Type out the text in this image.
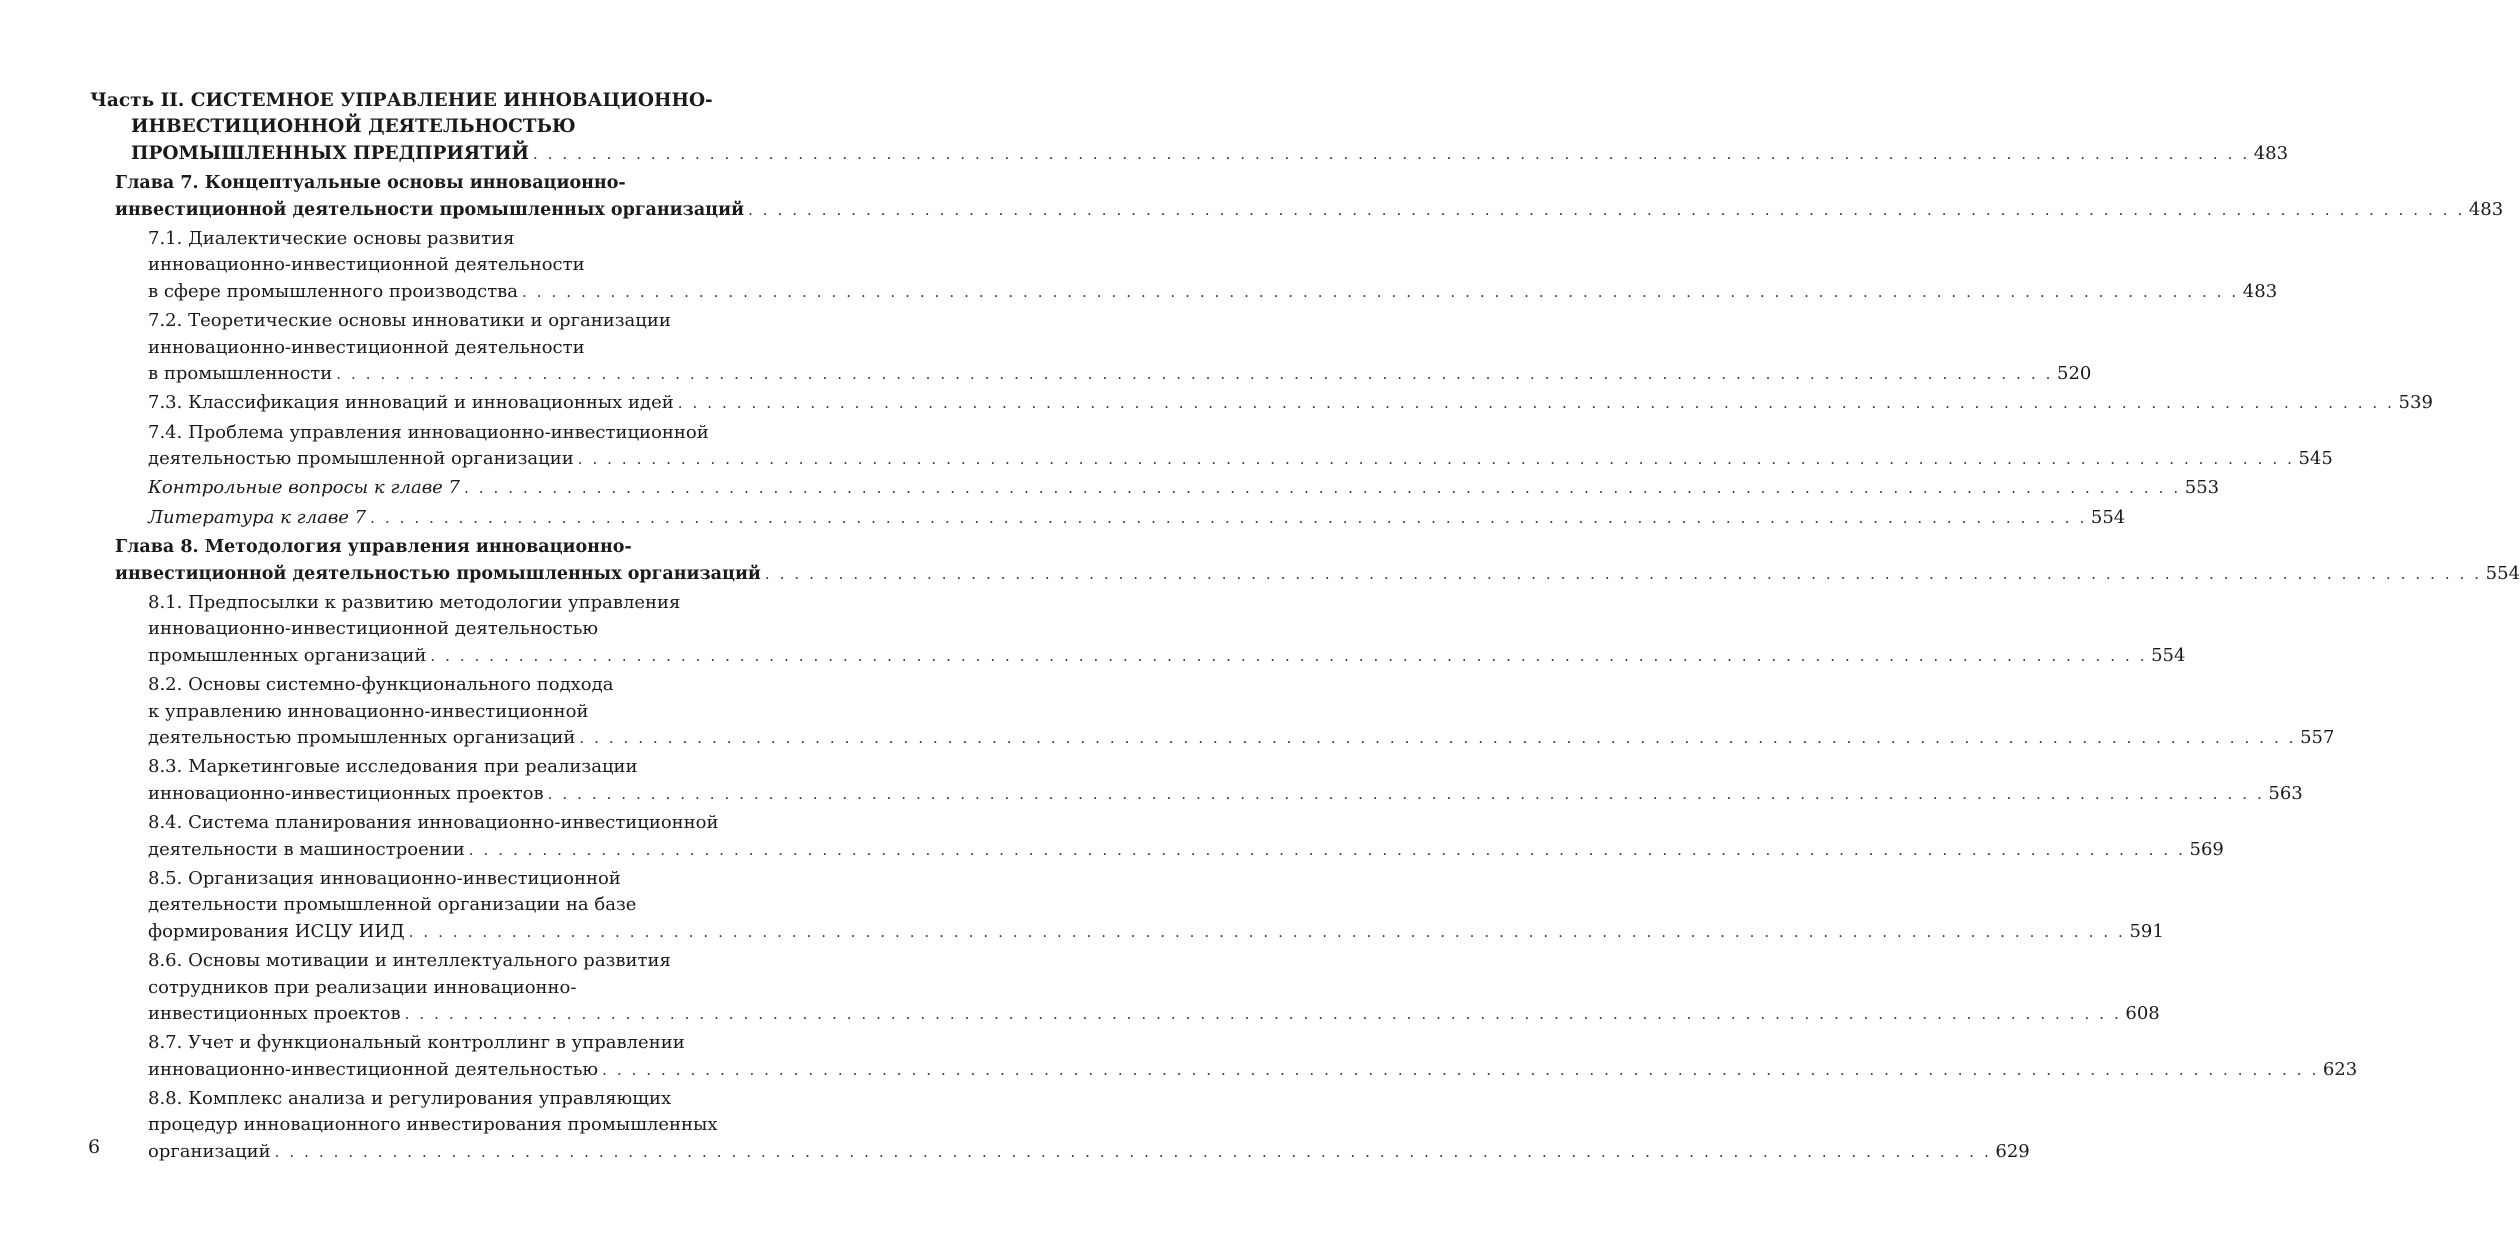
Часть II. СИСТЕМНОЕ УПРАВЛЕНИЕ ИННОВАЦИОННО-
ИНВЕСТИЦИОННОЙ ДЕЯТЕЛЬНОСТЬЮ
ПРОМЫШЛЕННЫХ ПРЕДПРИЯТИЙ . . .	483
Глава 7. Концептуальные основы инновационно-
инвестиционной деятельности промышленных организаций . . .	483
7.1. Диалектические основы развития
инновационно-инвестиционной деятельности
в сфере промышленного производства . . .	483
7.2. Теоретические основы инноватики и организации
инновационно-инвестиционной деятельности
в промышленности . . .	520
7.3. Классификация инноваций и инновационных идей . . .	539
7.4. Проблема управления инновационно-инвестиционной
деятельностью промышленной организации . . .	545
Контрольные вопросы к главе 7 . . .	553
Литература к главе 7 . . .	554
Глава 8. Методология управления инновационно-
инвестиционной деятельностью промышленных организаций . . .	554
8.1. Предпосылки к развитию методологии управления
инновационно-инвестиционной деятельностью
промышленных организаций . . .	554
8.2. Основы системно-функционального подхода
к управлению инновационно-инвестиционной
деятельностью промышленных организаций . . .	557
8.3. Маркетинговые исследования при реализации
инновационно-инвестиционных проектов . . .	563
8.4. Система планирования инновационно-инвестиционной
деятельности в машиностроении . . .	569
8.5. Организация инновационно-инвестиционной
деятельности промышленной организации на базе
формирования ИСЦУ ИИД . . .	591
8.6. Основы мотивации и интеллектуального развития
сотрудников при реализации инновационно-
инвестиционных проектов . . .	608
8.7. Учет и функциональный контроллинг в управлении
инновационно-инвестиционной деятельностью . . .	623
8.8. Комплекс анализа и регулирования управляющих
процедур инновационного инвестирования промышленных
организаций . . .	629
6
